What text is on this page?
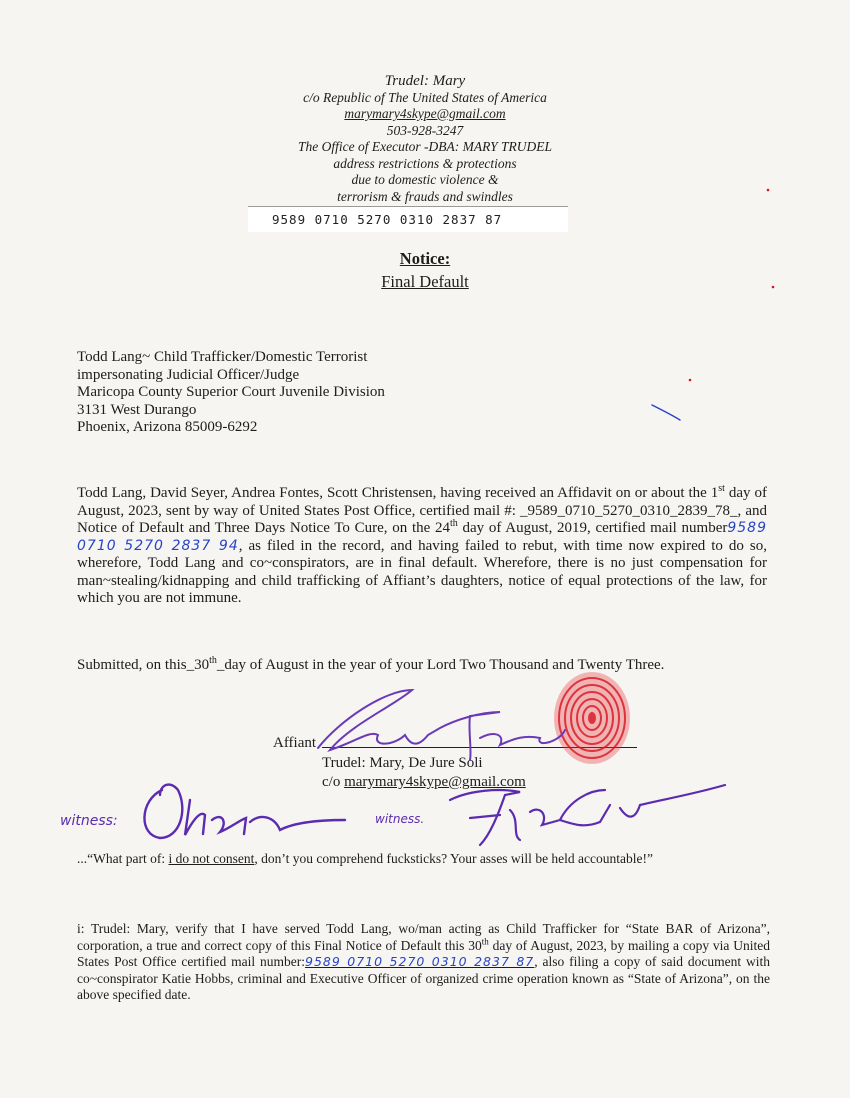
Trudel: Mary
c/o Republic of The United States of America
marymary4skype@gmail.com
503-928-3247
The Office of Executor -DBA: MARY TRUDEL
address restrictions & protections
due to domestic violence &
terrorism & frauds and swindles
9589 0710 5270 0310 2837 87
Notice:
Final Default
Todd Lang~ Child Trafficker/Domestic Terrorist
impersonating Judicial Officer/Judge
Maricopa County Superior Court Juvenile Division
3131 West Durango
Phoenix, Arizona 85009-6292
Todd Lang, David Seyer, Andrea Fontes, Scott Christensen, having received an Affidavit on or about the 1st day of August, 2023, sent by way of United States Post Office, certified mail #: _9589_0710_5270_0310_2839_78_, and Notice of Default and Three Days Notice To Cure, on the 24th day of August, 2019, certified mail number9589 0710 5270 2837 94, as filed in the record, and having failed to rebut, with time now expired to do so, wherefore, Todd Lang and co~conspirators, are in final default. Wherefore, there is no just compensation for man~stealing/kidnapping and child trafficking of Affiant’s daughters, notice of equal protections of the law, for which you are not immune.
Submitted, on this_30th_day of August in the year of your Lord Two Thousand and Twenty Three.
Affiant
Trudel: Mary, De Jure Soli
c/o marymary4skype@gmail.com
witness:	witness.
...“What part of: i do not consent, don’t you comprehend fucksticks? Your asses will be held accountable!”
i: Trudel: Mary, verify that I have served Todd Lang, wo/man acting as Child Trafficker for “State BAR of Arizona”, corporation, a true and correct copy of this Final Notice of Default this 30th day of August, 2023, by mailing a copy via United States Post Office certified mail number:9589 0710 5270 0310 2837 87, also filing a copy of said document with co~conspirator Katie Hobbs, criminal and Executive Officer of organized crime operation known as “State of Arizona”, on the above specified date.
